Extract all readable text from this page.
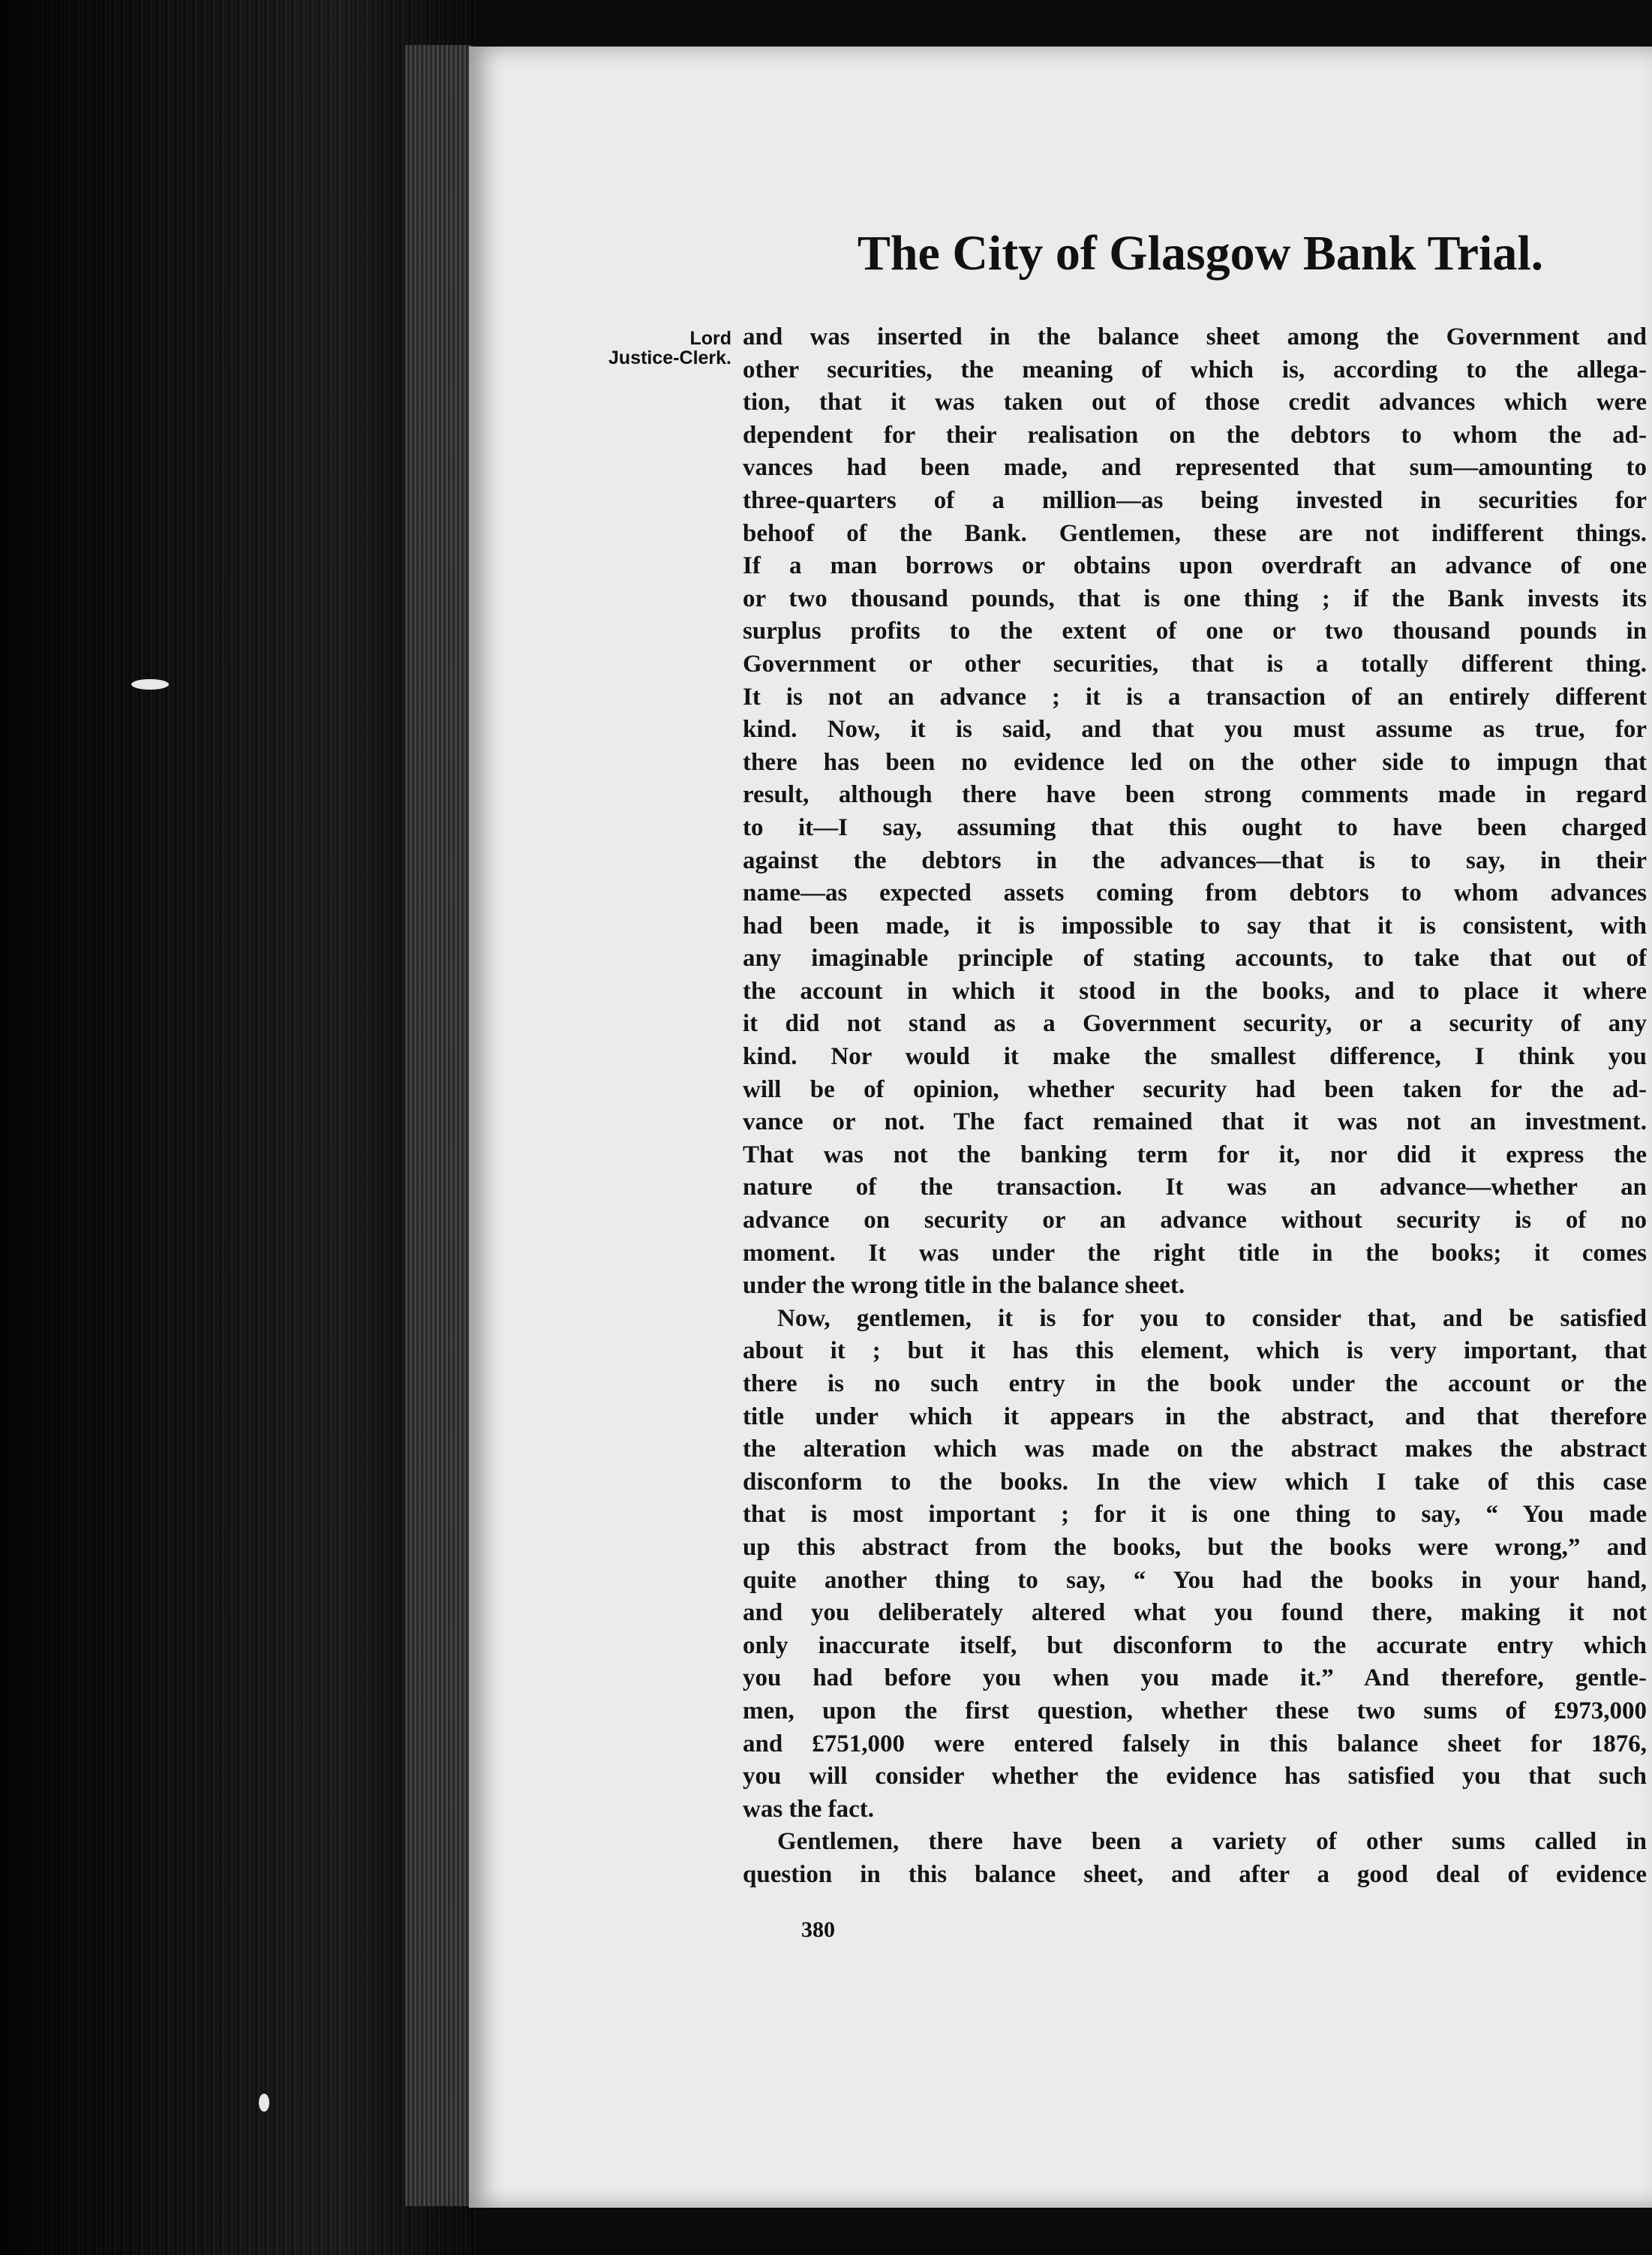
The City of Glasgow Bank Trial.
Lord
Justice-Clerk.
and was inserted in the balance sheet among the Government and
other securities, the meaning of which is, according to the allega-
tion, that it was taken out of those credit advances which were
dependent for their realisation on the debtors to whom the ad-
vances had been made, and represented that sum—amounting to
three-quarters of a million—as being invested in securities for
behoof of the Bank. Gentlemen, these are not indifferent things.
If a man borrows or obtains upon overdraft an advance of one
or two thousand pounds, that is one thing ; if the Bank invests its
surplus profits to the extent of one or two thousand pounds in
Government or other securities, that is a totally different thing.
It is not an advance ; it is a transaction of an entirely different
kind. Now, it is said, and that you must assume as true, for
there has been no evidence led on the other side to impugn that
result, although there have been strong comments made in regard
to it—I say, assuming that this ought to have been charged
against the debtors in the advances—that is to say, in their
name—as expected assets coming from debtors to whom advances
had been made, it is impossible to say that it is consistent, with
any imaginable principle of stating accounts, to take that out of
the account in which it stood in the books, and to place it where
it did not stand as a Government security, or a security of any
kind. Nor would it make the smallest difference, I think you
will be of opinion, whether security had been taken for the ad-
vance or not. The fact remained that it was not an investment.
That was not the banking term for it, nor did it express the
nature of the transaction. It was an advance—whether an
advance on security or an advance without security is of no
moment. It was under the right title in the books; it comes
under the wrong title in the balance sheet.
Now, gentlemen, it is for you to consider that, and be satisfied
about it ; but it has this element, which is very important, that
there is no such entry in the book under the account or the
title under which it appears in the abstract, and that therefore
the alteration which was made on the abstract makes the abstract
disconform to the books. In the view which I take of this case
that is most important ; for it is one thing to say, “ You made
up this abstract from the books, but the books were wrong,” and
quite another thing to say, “ You had the books in your hand,
and you deliberately altered what you found there, making it not
only inaccurate itself, but disconform to the accurate entry which
you had before you when you made it.” And therefore, gentle-
men, upon the first question, whether these two sums of £973,000
and £751,000 were entered falsely in this balance sheet for 1876,
you will consider whether the evidence has satisfied you that such
was the fact.
Gentlemen, there have been a variety of other sums called in
question in this balance sheet, and after a good deal of evidence
380
